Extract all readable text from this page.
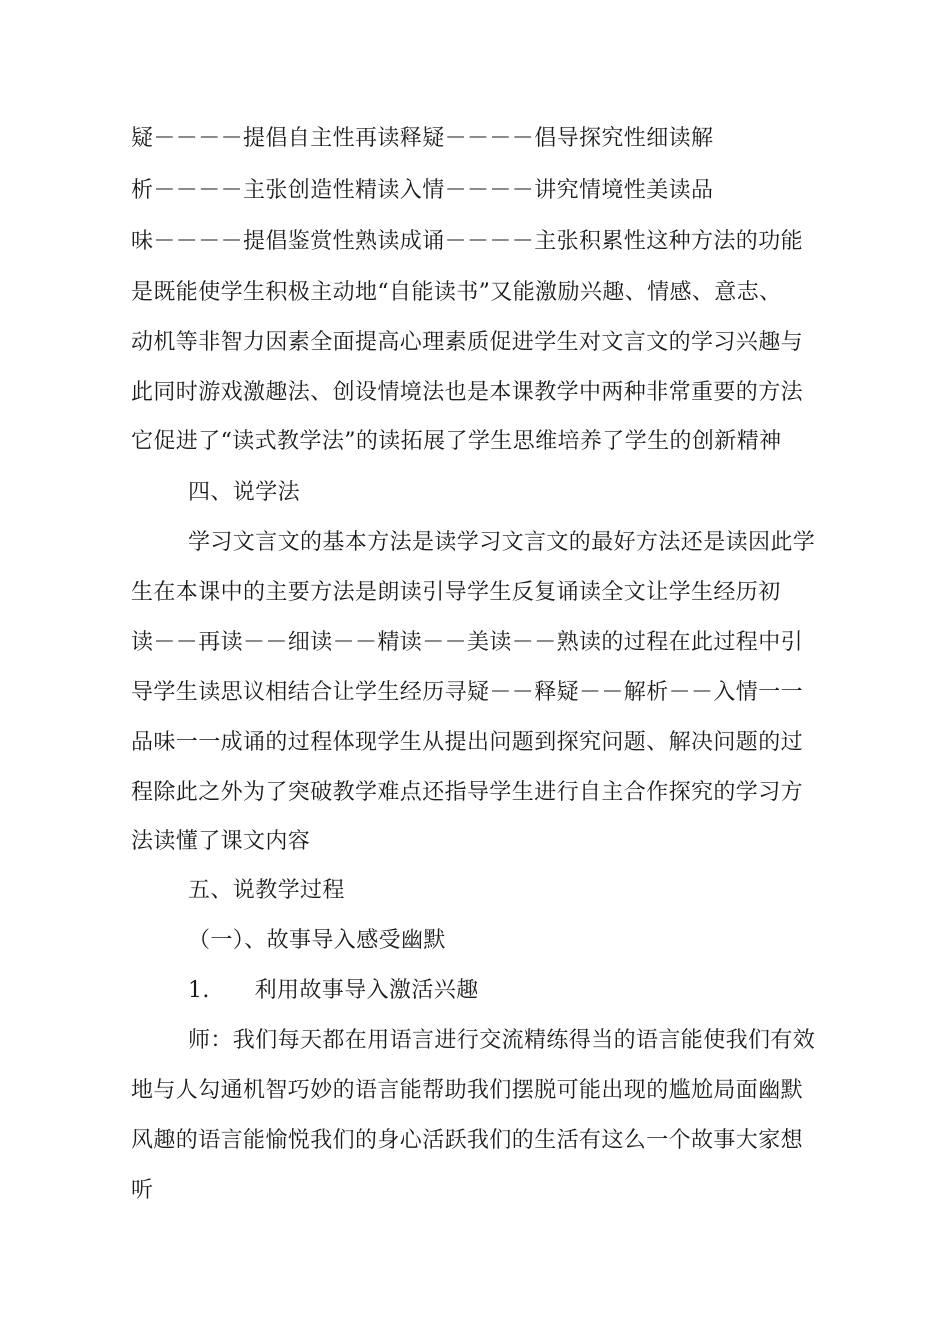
疑－－－－提倡自主性再读释疑－－－－倡导探究性细读解
析－－－－主张创造性精读入情－－－－讲究情境性美读品
味－－－－提倡鉴赏性熟读成诵－－－－主张积累性这种方法的功能
是既能使学生积极主动地“自能读书”又能激励兴趣、情感、意志、
动机等非智力因素全面提高心理素质促进学生对文言文的学习兴趣与
此同时游戏激趣法、创设情境法也是本课教学中两种非常重要的方法
它促进了“读式教学法”的读拓展了学生思维培养了学生的创新精神
四、说学法
学习文言文的基本方法是读学习文言文的最好方法还是读因此学
生在本课中的主要方法是朗读引导学生反复诵读全文让学生经历初
读－－再读－－细读－－精读－－美读－－熟读的过程在此过程中引
导学生读思议相结合让学生经历寻疑－－释疑－－解析－－入情一一
品味一一成诵的过程体现学生从提出问题到探究问题、解决问题的过
程除此之外为了突破教学难点还指导学生进行自主合作探究的学习方
法读懂了课文内容
五、说教学过程
（一）、故事导入感受幽默
1.　　利用故事导入激活兴趣
师：我们每天都在用语言进行交流精练得当的语言能使我们有效
地与人勾通机智巧妙的语言能帮助我们摆脱可能出现的尴尬局面幽默
风趣的语言能愉悦我们的身心活跃我们的生活有这么一个故事大家想
听
